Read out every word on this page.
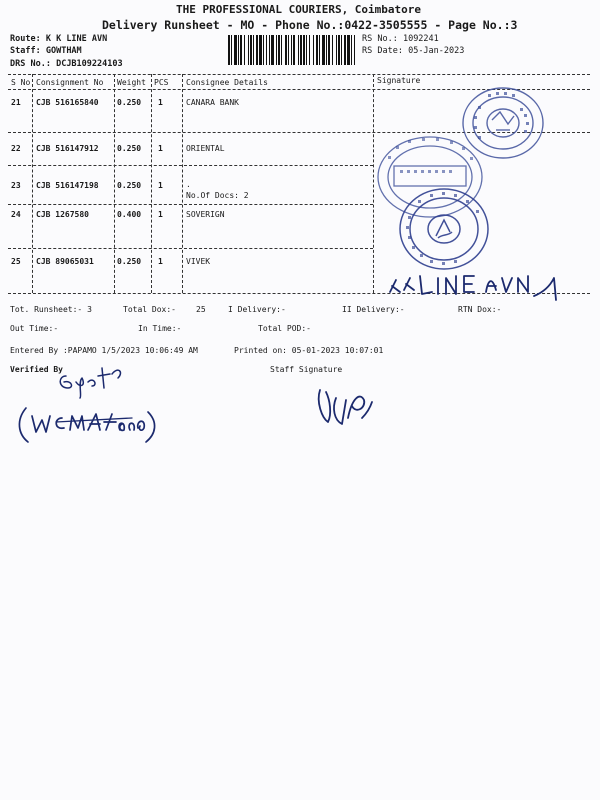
THE PROFESSIONAL COURIERS, Coimbatore
Delivery Runsheet - MO - Phone No.:0422-3505555 - Page No.:3
Route: K K LINE AVN
Staff: GOWTHAM
DRS No.: DCJB109224103
RS No.: 1092241
RS Date: 05-Jan-2023
S No Consignment No Weight PCS Consignee Details	Signature
21 CJB 516165840 0.250 1	CANARA BANK
22 CJB 516147912 0.250 1	ORIENTAL
23 CJB 516147198 0.250 1	.
No.Of Docs: 2
24 CJB 1267580	0.400 1	SOVERIGN
25 CJB 89065031	0.250 1	VIVEK
Tot. Runsheet:- 3	Total Dox:-	25	I Delivery:-	II Delivery:-	RTN Dox:-
Out Time:-	In Time:-	Total POD:-
Entered By :PAPAMO 1/5/2023 10:06:49 AM	Printed on: 05-01-2023 10:07:01
Verified By	Staff Signature
